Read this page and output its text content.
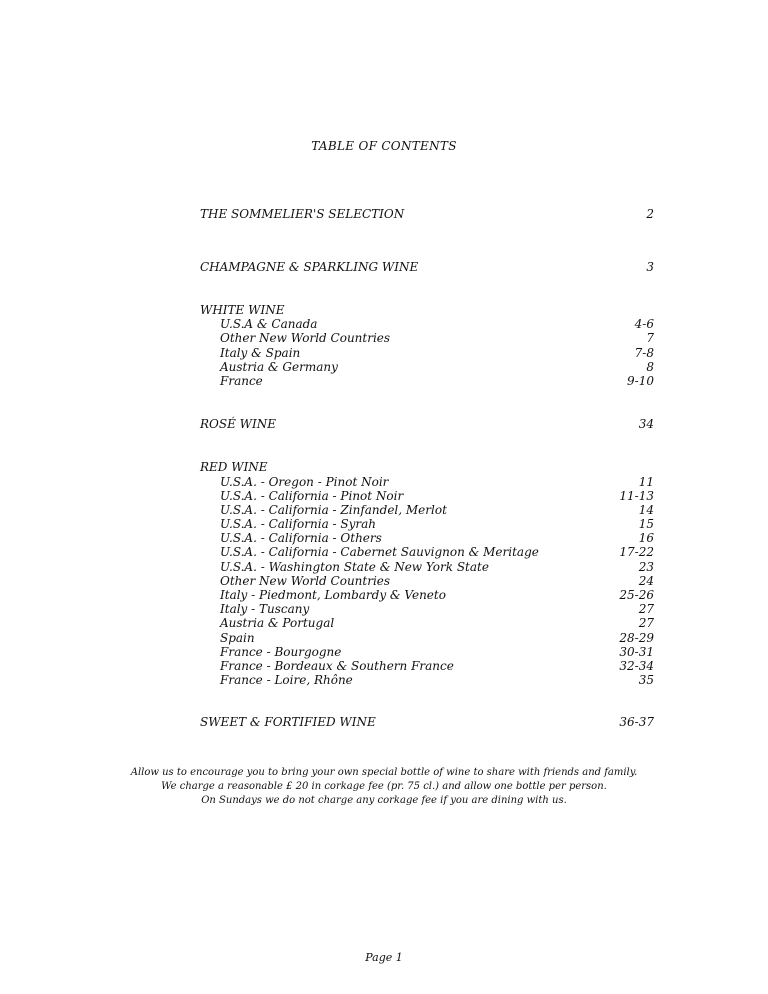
TABLE OF CONTENTS
THE SOMMELIER'S SELECTION	2
CHAMPAGNE & SPARKLING WINE	3
WHITE WINE
U.S.A & Canada	4-6
Other New World Countries	7
Italy & Spain	7-8
Austria & Germany	8
France	9-10
ROSÉ WINE	34
RED WINE
U.S.A. - Oregon - Pinot Noir	11
U.S.A. - California - Pinot Noir	11-13
U.S.A. - California - Zinfandel, Merlot	14
U.S.A. - California - Syrah	15
U.S.A. - California - Others	16
U.S.A. - California - Cabernet Sauvignon & Meritage	17-22
U.S.A. - Washington State & New York State	23
Other New World Countries	24
Italy - Piedmont, Lombardy & Veneto	25-26
Italy - Tuscany	27
Austria & Portugal	27
Spain	28-29
France - Bourgogne	30-31
France - Bordeaux & Southern France	32-34
France - Loire, Rhône	35
SWEET & FORTIFIED WINE	36-37
Allow us to encourage you to bring your own special bottle of wine to share with friends and family.
We charge a reasonable £ 20 in corkage fee (pr. 75 cl.) and allow one bottle per person.
On Sundays we do not charge any corkage fee if you are dining with us.
Page 1
